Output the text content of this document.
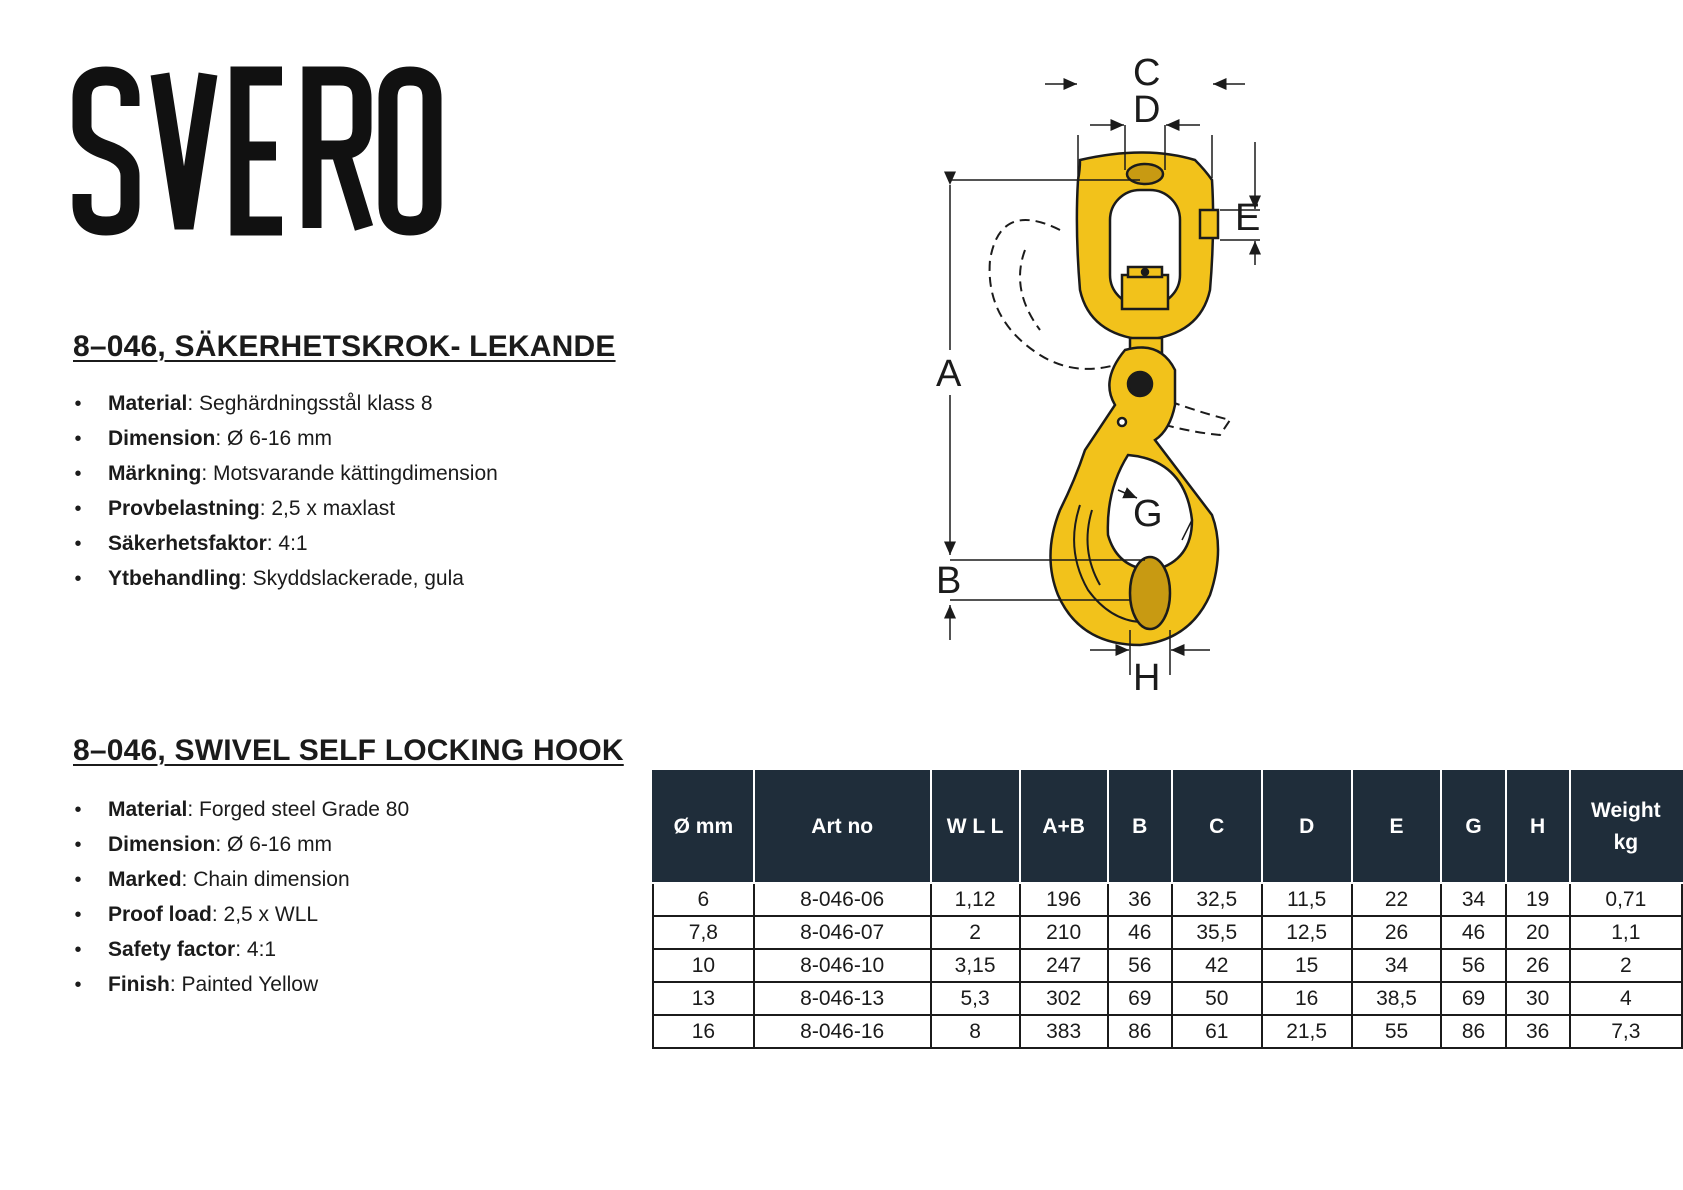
SVERO
8–046, SÄKERHETSKROK- LEKANDE
• Material: Seghärdningsstål klass 8
• Dimension: Ø 6-16 mm
• Märkning: Motsvarande kättingdimension
• Provbelastning: 2,5 x maxlast
• Säkerhetsfaktor: 4:1
• Ytbehandling: Skyddslackerade, gula
8–046, SWIVEL SELF LOCKING HOOK
• Material: Forged steel Grade 80
• Dimension: Ø 6-16 mm
• Marked: Chain dimension
• Proof load: 2,5 x WLL
• Safety factor: 4:1
• Finish: Painted Yellow
C
D
E
A
G
B
H
Ø mm	Art no	W L L	A+B	B	C	D	E	G	H	Weight
kg
6	8-046-06	1,12	196	36	32,5	11,5	22	34	19	0,71
7,8	8-046-07	2	210	46	35,5	12,5	26	46	20	1,1
10	8-046-10	3,15	247	56	42	15	34	56	26	2
13	8-046-13	5,3	302	69	50	16	38,5	69	30	4
16	8-046-16	8	383	86	61	21,5	55	86	36	7,3
